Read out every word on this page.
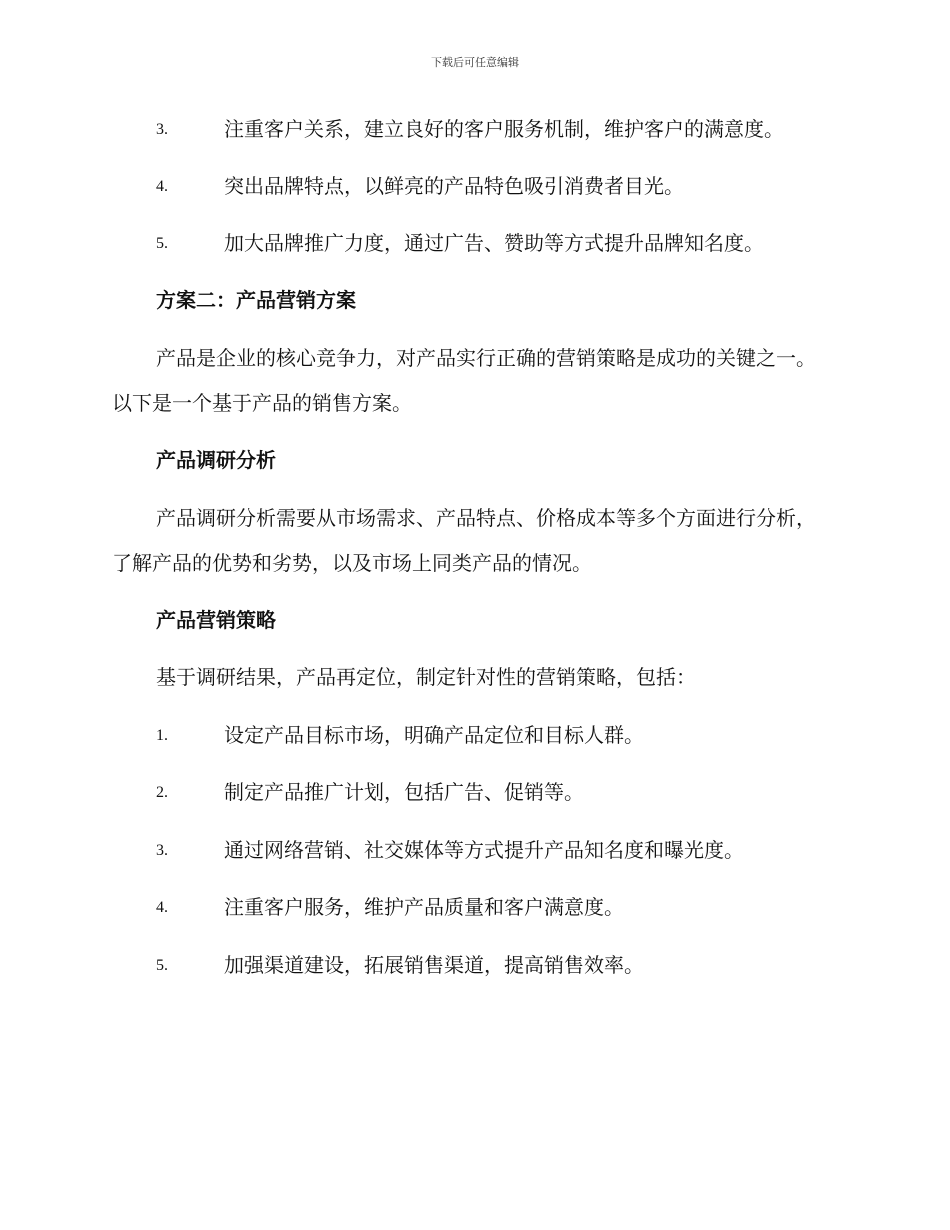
下载后可任意编辑
3.	注重客户关系，建立良好的客户服务机制，维护客户的满意度。
4.	突出品牌特点，以鲜亮的产品特色吸引消费者目光。
5.	加大品牌推广力度，通过广告、赞助等方式提升品牌知名度。
方案二：产品营销方案

产品是企业的核心竞争力，对产品实行正确的营销策略是成功的关键之一。以下是一个基于产品的销售方案。

产品调研分析

产品调研分析需要从市场需求、产品特点、价格成本等多个方面进行分析，了解产品的优势和劣势，以及市场上同类产品的情况。

产品营销策略
基于调研结果，产品再定位，制定针对性的营销策略，包括：
1.	设定产品目标市场，明确产品定位和目标人群。
2.	制定产品推广计划，包括广告、促销等。
3.	通过网络营销、社交媒体等方式提升产品知名度和曝光度。
4.	注重客户服务，维护产品质量和客户满意度。
5.	加强渠道建设，拓展销售渠道，提高销售效率。
